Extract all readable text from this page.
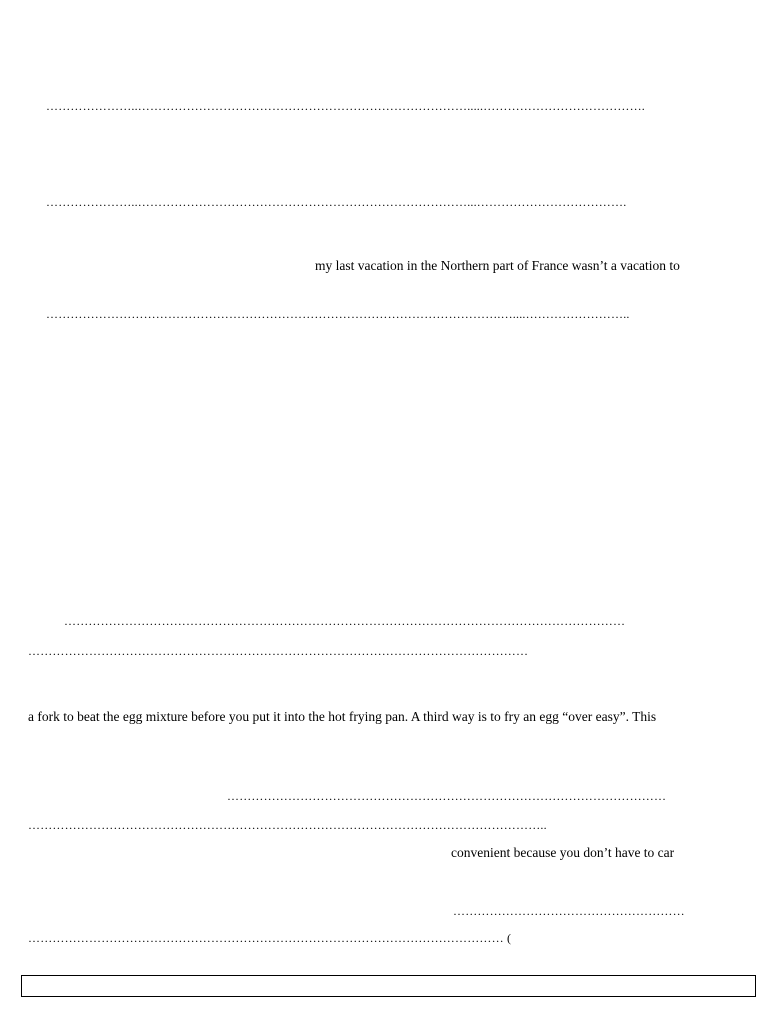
…………………..……………………………………………………………………….....………………………………….
…………………..………………………………………………………………………...……………………………….
my last vacation in the Northern part of France wasn’t a vacation to
………………………………………………………………………………………………….…....……………………..
…………………………………………………………………………………………………………………………
……………………………………………………………………………………………………………
a fork to beat the egg mixture before you put it into the hot frying pan. A third way is to fry an egg “over easy”. This
………………………………………………………………………………………………
………………………………………………………………………………………………………………..
convenient because you don’t have to car
…………………………………………………
……………………………………………………………………………………………………… (
